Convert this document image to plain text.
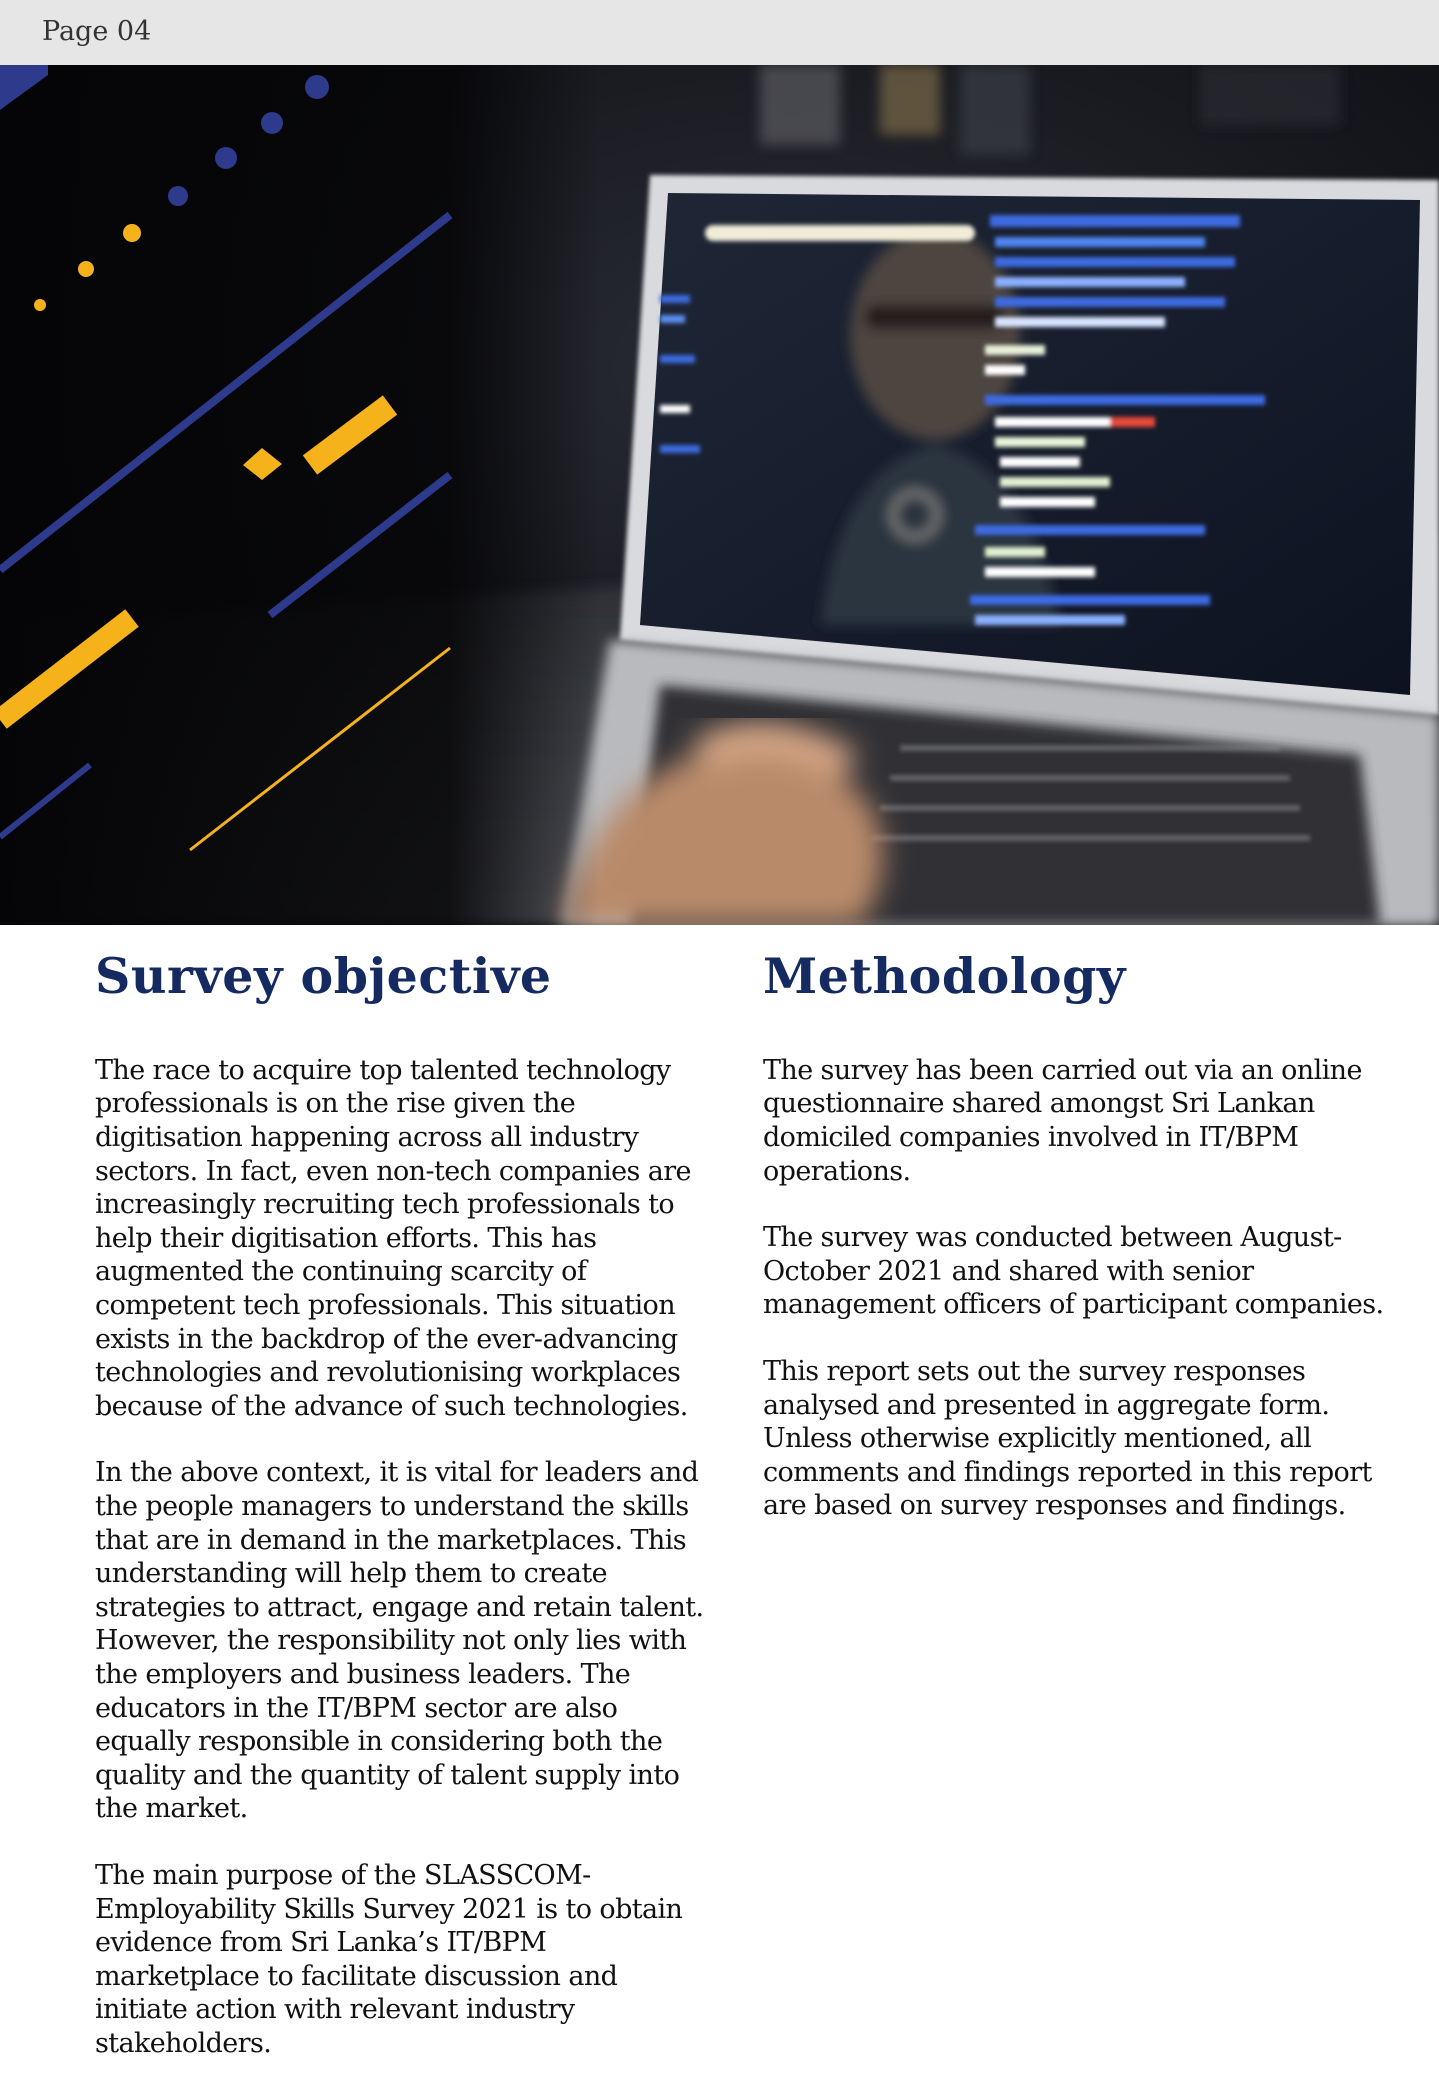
Page 04
Survey objective

The race to acquire top talented technology professionals is on the rise given the digitisation happening across all industry sectors. In fact, even non-tech companies are increasingly recruiting tech professionals to help their digitisation efforts. This has augmented the continuing scarcity of competent tech professionals. This situation exists in the backdrop of the ever-advancing technologies and revolutionising workplaces because of the advance of such technologies.

In the above context, it is vital for leaders and the people managers to understand the skills that are in demand in the marketplaces. This understanding will help them to create strategies to attract, engage and retain talent. However, the responsibility not only lies with the employers and business leaders. The educators in the IT/BPM sector are also equally responsible in considering both the quality and the quantity of talent supply into the market.

The main purpose of the SLASSCOM-Employability Skills Survey 2021 is to obtain evidence from Sri Lanka’s IT/BPM marketplace to facilitate discussion and initiate action with relevant industry stakeholders.

Methodology

The survey has been carried out via an online questionnaire shared amongst Sri Lankan domiciled companies involved in IT/BPM operations.

The survey was conducted between August-October 2021 and shared with senior management officers of participant companies.

This report sets out the survey responses analysed and presented in aggregate form. Unless otherwise explicitly mentioned, all comments and findings reported in this report are based on survey responses and findings.
